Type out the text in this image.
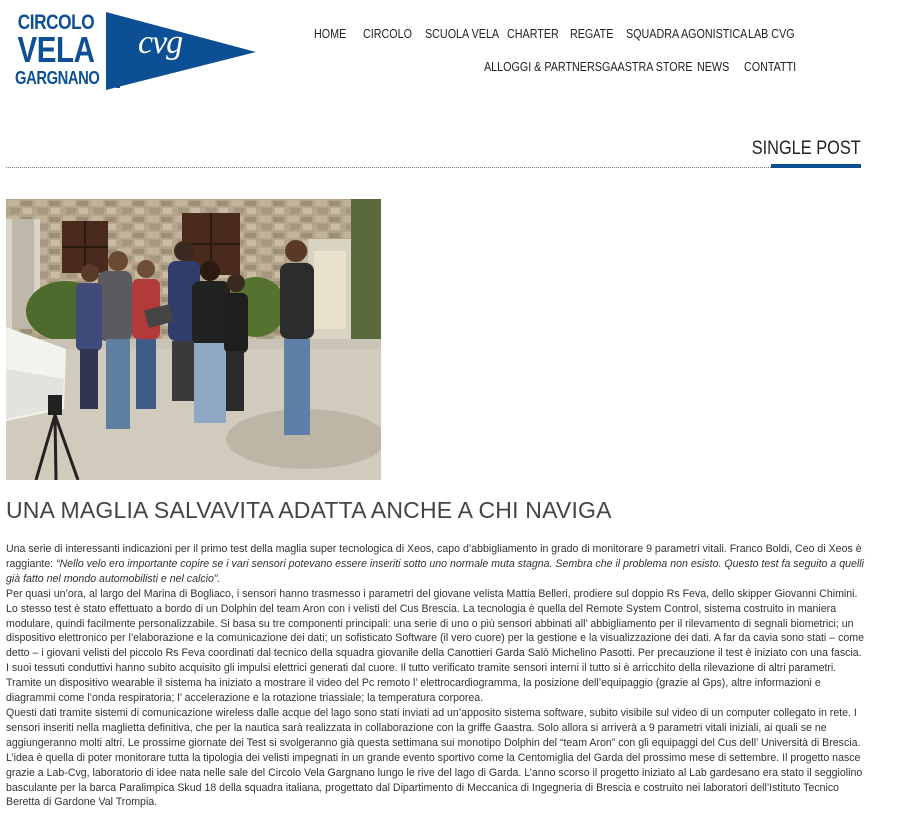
CIRCOLO
VELA
GARGNANO
cvg	HOME CIRCOLO SCUOLA VELA CHARTER REGATE SQUADRA AGONISTICA LAB CVG
ALLOGGI & PARTNERS GAASTRA STORE NEWS CONTATTI
SINGLE POST
UNA MAGLIA SALVAVITA ADATTA ANCHE A CHI NAVIGA

Una serie di interessanti indicazioni per il primo test della maglia super tecnologica di Xeos, capo d’abbigliamento in grado di monitorare 9 parametri vitali. Franco Boldi, Ceo di Xeos è raggiante: “Nello velo ero importante copire se i vari sensori potevano essere inseriti sotto uno normale muta stagna. Sembra che il problema non esisto. Questo test fa seguito a quelli già fatto nel mondo automobilisti e nel calcio”.

Per quasi un’ora, al largo del Marina di Bogliaco, i sensori hanno trasmesso i parametri del giovane velista Mattia Belleri, prodiere sul doppio Rs Feva, dello skipper Giovanni Chimini. Lo stesso test è stato effettuato a bordo di un Dolphin del team Aron con i velisti del Cus Brescia. La tecnologia è quella del Remote System Control, sistema costruito in maniera modulare, quindi facilmente personalizzabile. Si basa su tre componenti principali: una serie di uno o più sensori abbinati all’ abbigliamento per il rilevamento di segnali biometrici; un dispositivo elettronico per l’elaborazione e la comunicazione dei dati; un sofisticato Software (il vero cuore) per la gestione e la visualizzazione dei dati. A far da cavia sono stati – come detto – i giovani velisti del piccolo Rs Feva coordinati dal tecnico della squadra giovanile della Canottieri Garda Salò Michelino Pasotti. Per precauzione il test è iniziato con una fascia. I suoi tessuti conduttivi hanno subito acquisito gli impulsi elettrici generati dal cuore. Il tutto verificato tramite sensori interni il tutto si è arricchito della rilevazione di altri parametri. Tramite un dispositivo wearable il sistema ha iniziato a mostrare il video del Pc remoto l’ elettrocardiogramma, la posizione dell’equipaggio (grazie al Gps), altre informazioni e diagrammi come l’onda respiratoria; l’ accelerazione e la rotazione triassiale; la temperatura corporea.

Questi dati tramite sistemi di comunicazione wireless dalle acque del lago sono stati inviati ad un’apposito sistema software, subito visibile sul video di un computer collegato in rete. I sensori inseriti nella maglietta definitiva, che per la nautica sarà realizzata in collaborazione con la griffe Gaastra. Solo allora si arriverà a 9 parametri vitali iniziali, ai quali se ne aggiungeranno molti altri. Le prossime giornate dei Test si svolgeranno già questa settimana sui monotipo Dolphin del “team Aron” con gli equipaggi del Cus dell’ Università di Brescia. L’idea è quella di poter monitorare tutta la tipologia dei velisti impegnati in un grande evento sportivo come la Centomiglia del Garda del prossimo mese di settembre. Il progetto nasce grazie a Lab-Cvg, laboratorio di idee nata nelle sale del Circolo Vela Gargnano lungo le rive del lago di Garda. L’anno scorso il progetto iniziato al Lab gardesano era stato il seggiolino basculante per la barca Paralimpica Skud 18 della squadra italiana, progettato dal Dipartimento di Meccanica di Ingegneria di Brescia e costruito nei laboratori dell’Istituto Tecnico Beretta di Gardone Val Trompia.
